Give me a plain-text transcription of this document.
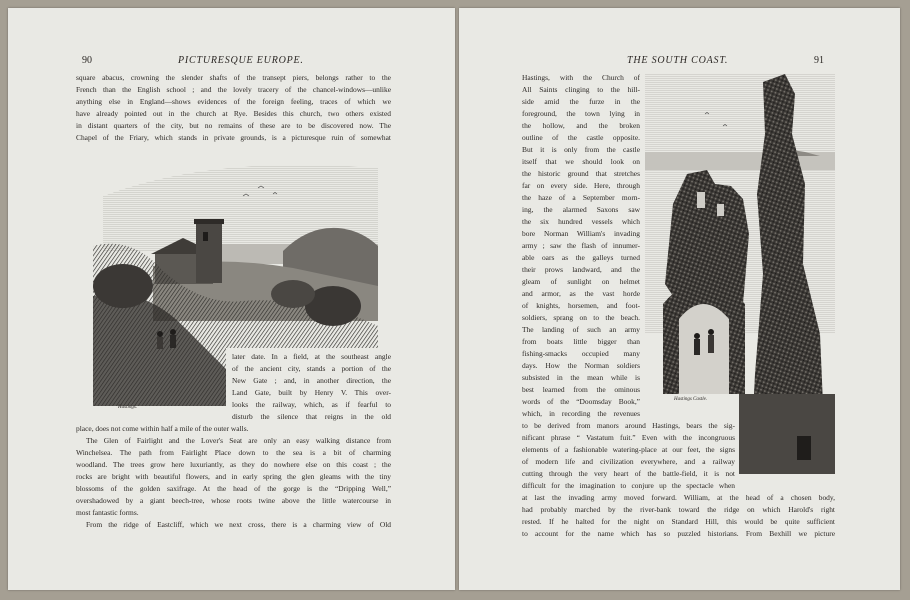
90	PICTURESQUE EUROPE.
square abacus, crowning the slender shafts of the transept piers, belongs rather to the
French than the English school ; and the lovely tracery of the chancel-windows—unlike
anything else in England—shows evidences of the foreign feeling, traces of which we
have already pointed out in the church at Rye. Besides this church, two others existed
in distant quarters of the city, but no remains of these are to be discovered now. The
Chapel of the Friary, which stands in private grounds, is a picturesque ruin of somewhat
Hastings.
later date. In a field, at the southeast angle
of the ancient city, stands a portion of the
New Gate ; and, in another direction, the
Land Gate, built by Henry V. This over-
looks the railway, which, as if fearful to
disturb the silence that reigns in the old
place, does not come within half a mile of the outer walls.
The Glen of Fairlight and the Lover's Seat are only an easy walking distance from
Winchelsea. The path from Fairlight Place down to the sea is a bit of charming
woodland. The trees grow here luxuriantly, as they do nowhere else on this coast ; the
rocks are bright with beautiful flowers, and in early spring the glen gleams with the tiny
blossoms of the golden saxifrage. At the head of the gorge is the “Dripping Well,”
overshadowed by a giant beech-tree, whose roots twine above the little watercourse in
most fantastic forms.
From the ridge of Eastcliff, which we next cross, there is a charming view of Old
THE SOUTH COAST.	91
Hastings, with the Church of
All Saints clinging to the hill-
side amid the furze in the
foreground, the town lying in
the hollow, and the broken
outline of the castle opposite.
But it is only from the castle
itself that we should look on
the historic ground that stretches
far on every side. Here, through
the haze of a September morn-
ing, the alarmed Saxons saw
the six hundred vessels which
bore Norman William's invading
army ; saw the flash of innumer-
able oars as the galleys turned
their prows landward, and the
gleam of sunlight on helmet
and armor, as the vast horde
of knights, horsemen, and foot-
soldiers, sprang on to the beach.
The landing of such an army
from boats little bigger than
fishing-smacks occupied many
days. How the Norman soldiers
subsisted in the mean while is
best learned from the ominous
words of the “Doomsday Book,”
which, in recording the revenues
Hastings Castle.
to be derived from manors around Hastings, bears the sig-
nificant phrase “ Vastatum fuit.” Even with the incongruous
elements of a fashionable watering-place at our feet, the signs
of modern life and civilization everywhere, and a railway
cutting through the very heart of the battle-field, it is not
difficult for the imagination to conjure up the spectacle when
at last the invading army moved forward. William, at the head of a chosen body,
had probably marched by the river-bank toward the ridge on which Harold's right
rested. If he halted for the night on Standard Hill, this would be quite sufficient
to account for the name which has so puzzled historians. From Bexhill we picture
